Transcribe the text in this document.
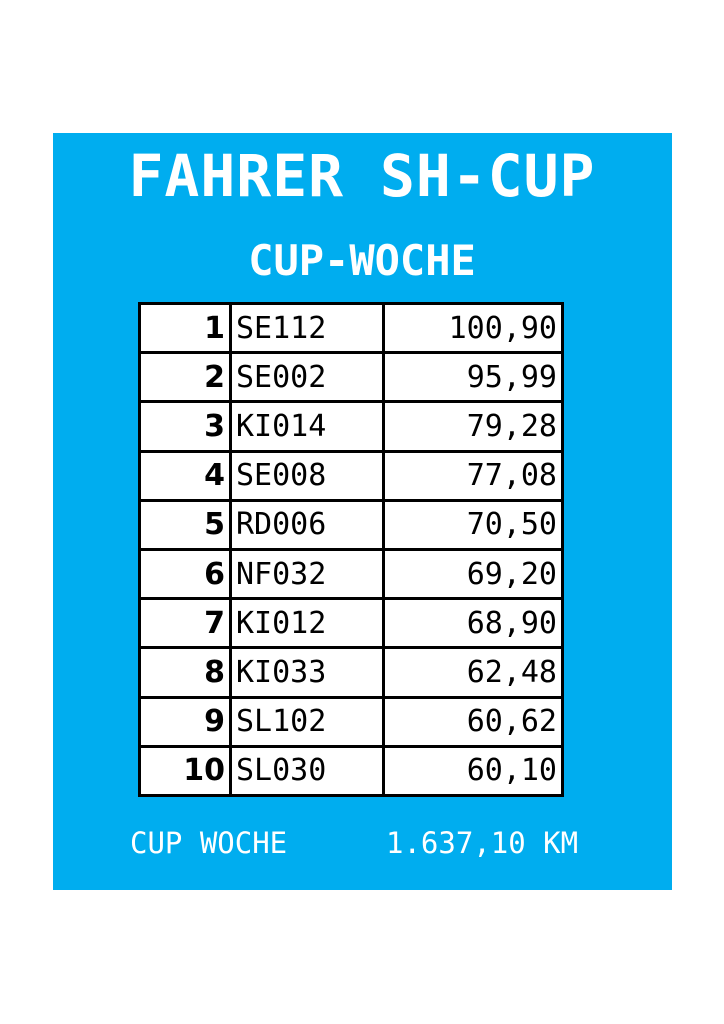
FAHRER SH-CUP
CUP-WOCHE
1	SE112	100,90
2	SE002	95,99
3	KI014	79,28
4	SE008	77,08
5	RD006	70,50
6	NF032	69,20
7	KI012	68,90
8	KI033	62,48
9	SL102	60,62
10	SL030	60,10
CUP WOCHE	1.637,10 KM
